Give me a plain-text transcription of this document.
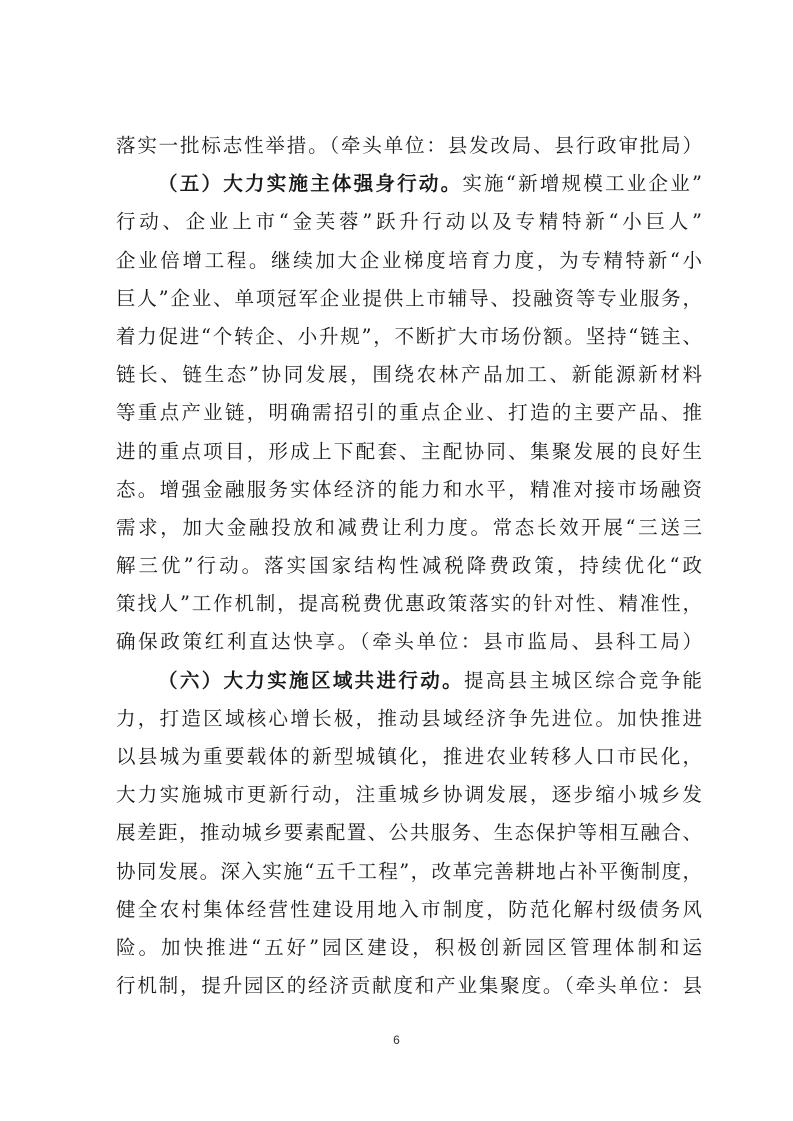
落实一批标志性举措。（牵头单位：县发改局、县行政审批局）
（五）大力实施主体强身行动。实施“新增规模工业企业”
行动、企业上市“金芙蓉”跃升行动以及专精特新“小巨人”
企业倍增工程。继续加大企业梯度培育力度，为专精特新“小
巨人”企业、单项冠军企业提供上市辅导、投融资等专业服务，
着力促进“个转企、小升规”，不断扩大市场份额。坚持“链主、
链长、链生态”协同发展，围绕农林产品加工、新能源新材料
等重点产业链，明确需招引的重点企业、打造的主要产品、推
进的重点项目，形成上下配套、主配协同、集聚发展的良好生
态。增强金融服务实体经济的能力和水平，精准对接市场融资
需求，加大金融投放和减费让利力度。常态长效开展“三送三
解三优”行动。落实国家结构性减税降费政策，持续优化“政
策找人”工作机制，提高税费优惠政策落实的针对性、精准性，
确保政策红利直达快享。（牵头单位：县市监局、县科工局）
（六）大力实施区域共进行动。提高县主城区综合竞争能
力，打造区域核心增长极，推动县域经济争先进位。加快推进
以县城为重要载体的新型城镇化，推进农业转移人口市民化，
大力实施城市更新行动，注重城乡协调发展，逐步缩小城乡发
展差距，推动城乡要素配置、公共服务、生态保护等相互融合、
协同发展。深入实施“五千工程”，改革完善耕地占补平衡制度，
健全农村集体经营性建设用地入市制度，防范化解村级债务风
险。加快推进“五好”园区建设，积极创新园区管理体制和运
行机制，提升园区的经济贡献度和产业集聚度。（牵头单位：县
6
